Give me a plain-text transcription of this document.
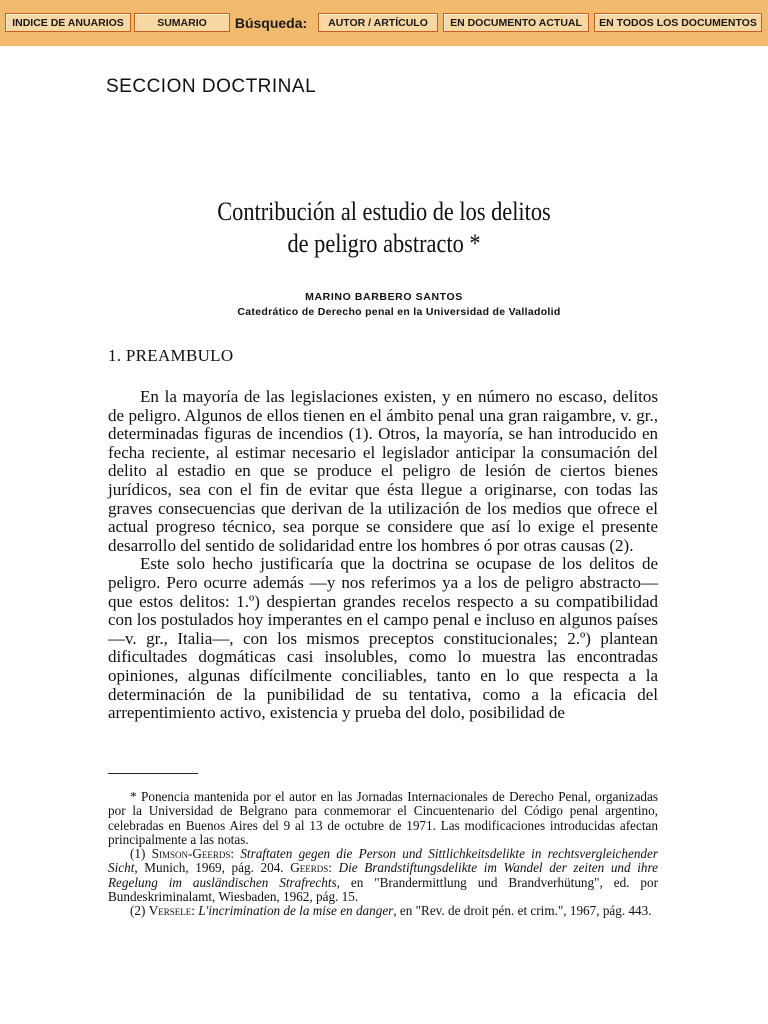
INDICE DE ANUARIOS	SUMARIO	Búsqueda:	AUTOR / ARTÍCULO	EN DOCUMENTO ACTUAL	EN TODOS LOS DOCUMENTOS
SECCION DOCTRINAL
Contribución al estudio de los delitos
de peligro abstracto *
MARINO BARBERO SANTOS
Catedrático de Derecho penal en la Universidad de Valladolid
1. PREAMBULO

En la mayoría de las legislaciones existen, y en número no escaso, delitos de peligro. Algunos de ellos tienen en el ámbito penal una gran raigambre, v. gr., determinadas figuras de incendios (1). Otros, la mayoría, se han introducido en fecha reciente, al estimar necesario el legislador anticipar la consumación del delito al estadio en que se produce el peligro de lesión de ciertos bienes jurídicos, sea con el fin de evitar que ésta llegue a originarse, con todas las graves consecuencias que derivan de la utilización de los medios que ofrece el actual progreso técnico, sea porque se considere que así lo exige el presente desarrollo del sentido de solidaridad entre los hombres ó por otras causas (2).

Este solo hecho justificaría que la doctrina se ocupase de los delitos de peligro. Pero ocurre además —y nos referimos ya a los de peligro abstracto— que estos delitos: 1.º) despiertan grandes recelos respecto a su compatibilidad con los postulados hoy imperantes en el campo penal e incluso en algunos países —v. gr., Italia—, con los mismos preceptos constitucionales; 2.º) plantean dificultades dogmáticas casi insolubles, como lo muestra las encontradas opiniones, algunas difícilmente conciliables, tanto en lo que respecta a la determinación de la punibilidad de su tentativa, como a la eficacia del arrepentimiento activo, existencia y prueba del dolo, posibilidad de

* Ponencia mantenida por el autor en las Jornadas Internacionales de Derecho Penal, organizadas por la Universidad de Belgrano para conmemorar el Cincuentenario del Código penal argentino, celebradas en Buenos Aires del 9 al 13 de octubre de 1971. Las modificaciones introducidas afectan principalmente a las notas.

(1) Simson-Geerds: Straftaten gegen die Person und Sittlichkeitsdelikte in rechtsvergleichender Sicht, Munich, 1969, pág. 204. Geerds: Die Brandstiftungsdelikte im Wandel der zeiten und ihre Regelung im ausländischen Strafrechts, en "Brandermittlung und Brandverhütung", ed. por Bundeskriminalamt, Wiesbaden, 1962, pág. 15.

(2) Versele: L'incrimination de la mise en danger, en "Rev. de droit pén. et crim.", 1967, pág. 443.
